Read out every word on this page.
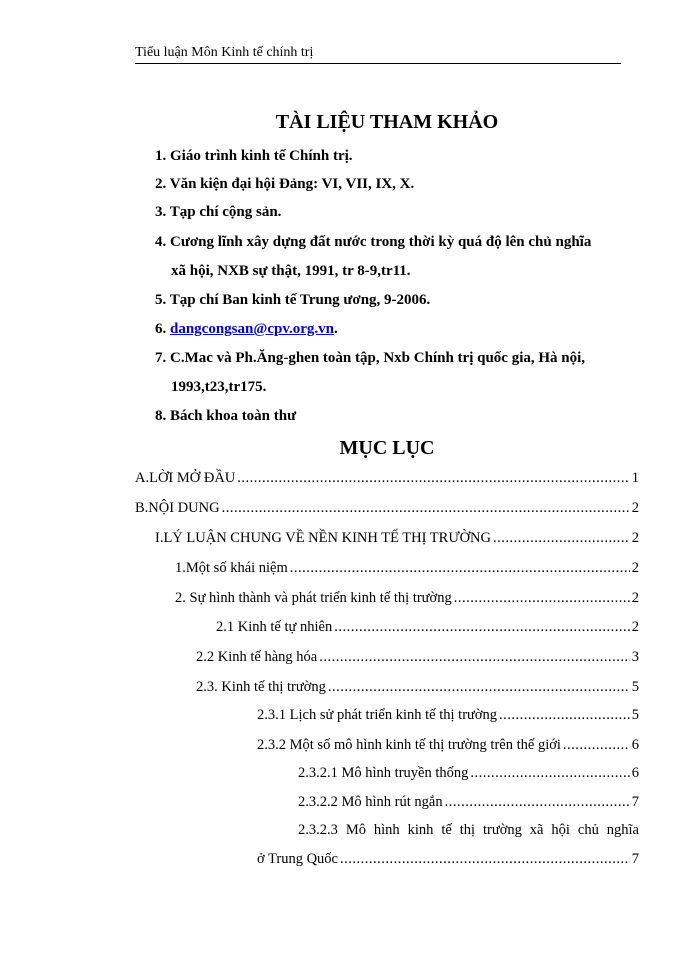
Tiểu luận Môn Kinh tế chính trị
TÀI LIỆU THAM KHẢO
1. Giáo trình kinh tế Chính trị.
2. Văn kiện đại hội Đảng: VI, VII, IX, X.
3. Tạp chí cộng sản.
4. Cương lĩnh xây dựng đất nước trong thời kỳ quá độ lên chủ nghĩa
xã hội, NXB sự thật, 1991, tr 8-9,tr11.
5. Tạp chí Ban kinh tế Trung ương, 9-2006.
6. dangcongsan@cpv.org.vn.
7. C.Mac và Ph.Ăng-ghen toàn tập, Nxb Chính trị quốc gia, Hà nội,
1993,t23,tr175.
8. Bách khoa toàn thư
MỤC LỤC
A.LỜI MỞ ĐẦU .....	1
B.NỘI DUNG .....	2
I.LÝ LUẬN CHUNG VỀ NỀN KINH TẾ THỊ TRƯỜNG .....	2
1.Một số khái niệm .....	2
2. Sự hình thành và phát triển kinh tế thị trường .....	2
2.1 Kinh tế tự nhiên .....	2
2.2 Kinh tế hàng hóa .....	3
2.3. Kinh tế thị trường .....	5
2.3.1 Lịch sử phát triển kinh tế thị trường .....	5
2.3.2 Một số mô hình kinh tế thị trường trên thế giới .....	6
2.3.2.1 Mô hình truyền thống .....	6
2.3.2.2 Mô hình rút ngắn .....	7
2.3.2.3 Mô hình kinh tế thị trường xã hội chủ nghĩa
ở Trung Quốc .....	7
